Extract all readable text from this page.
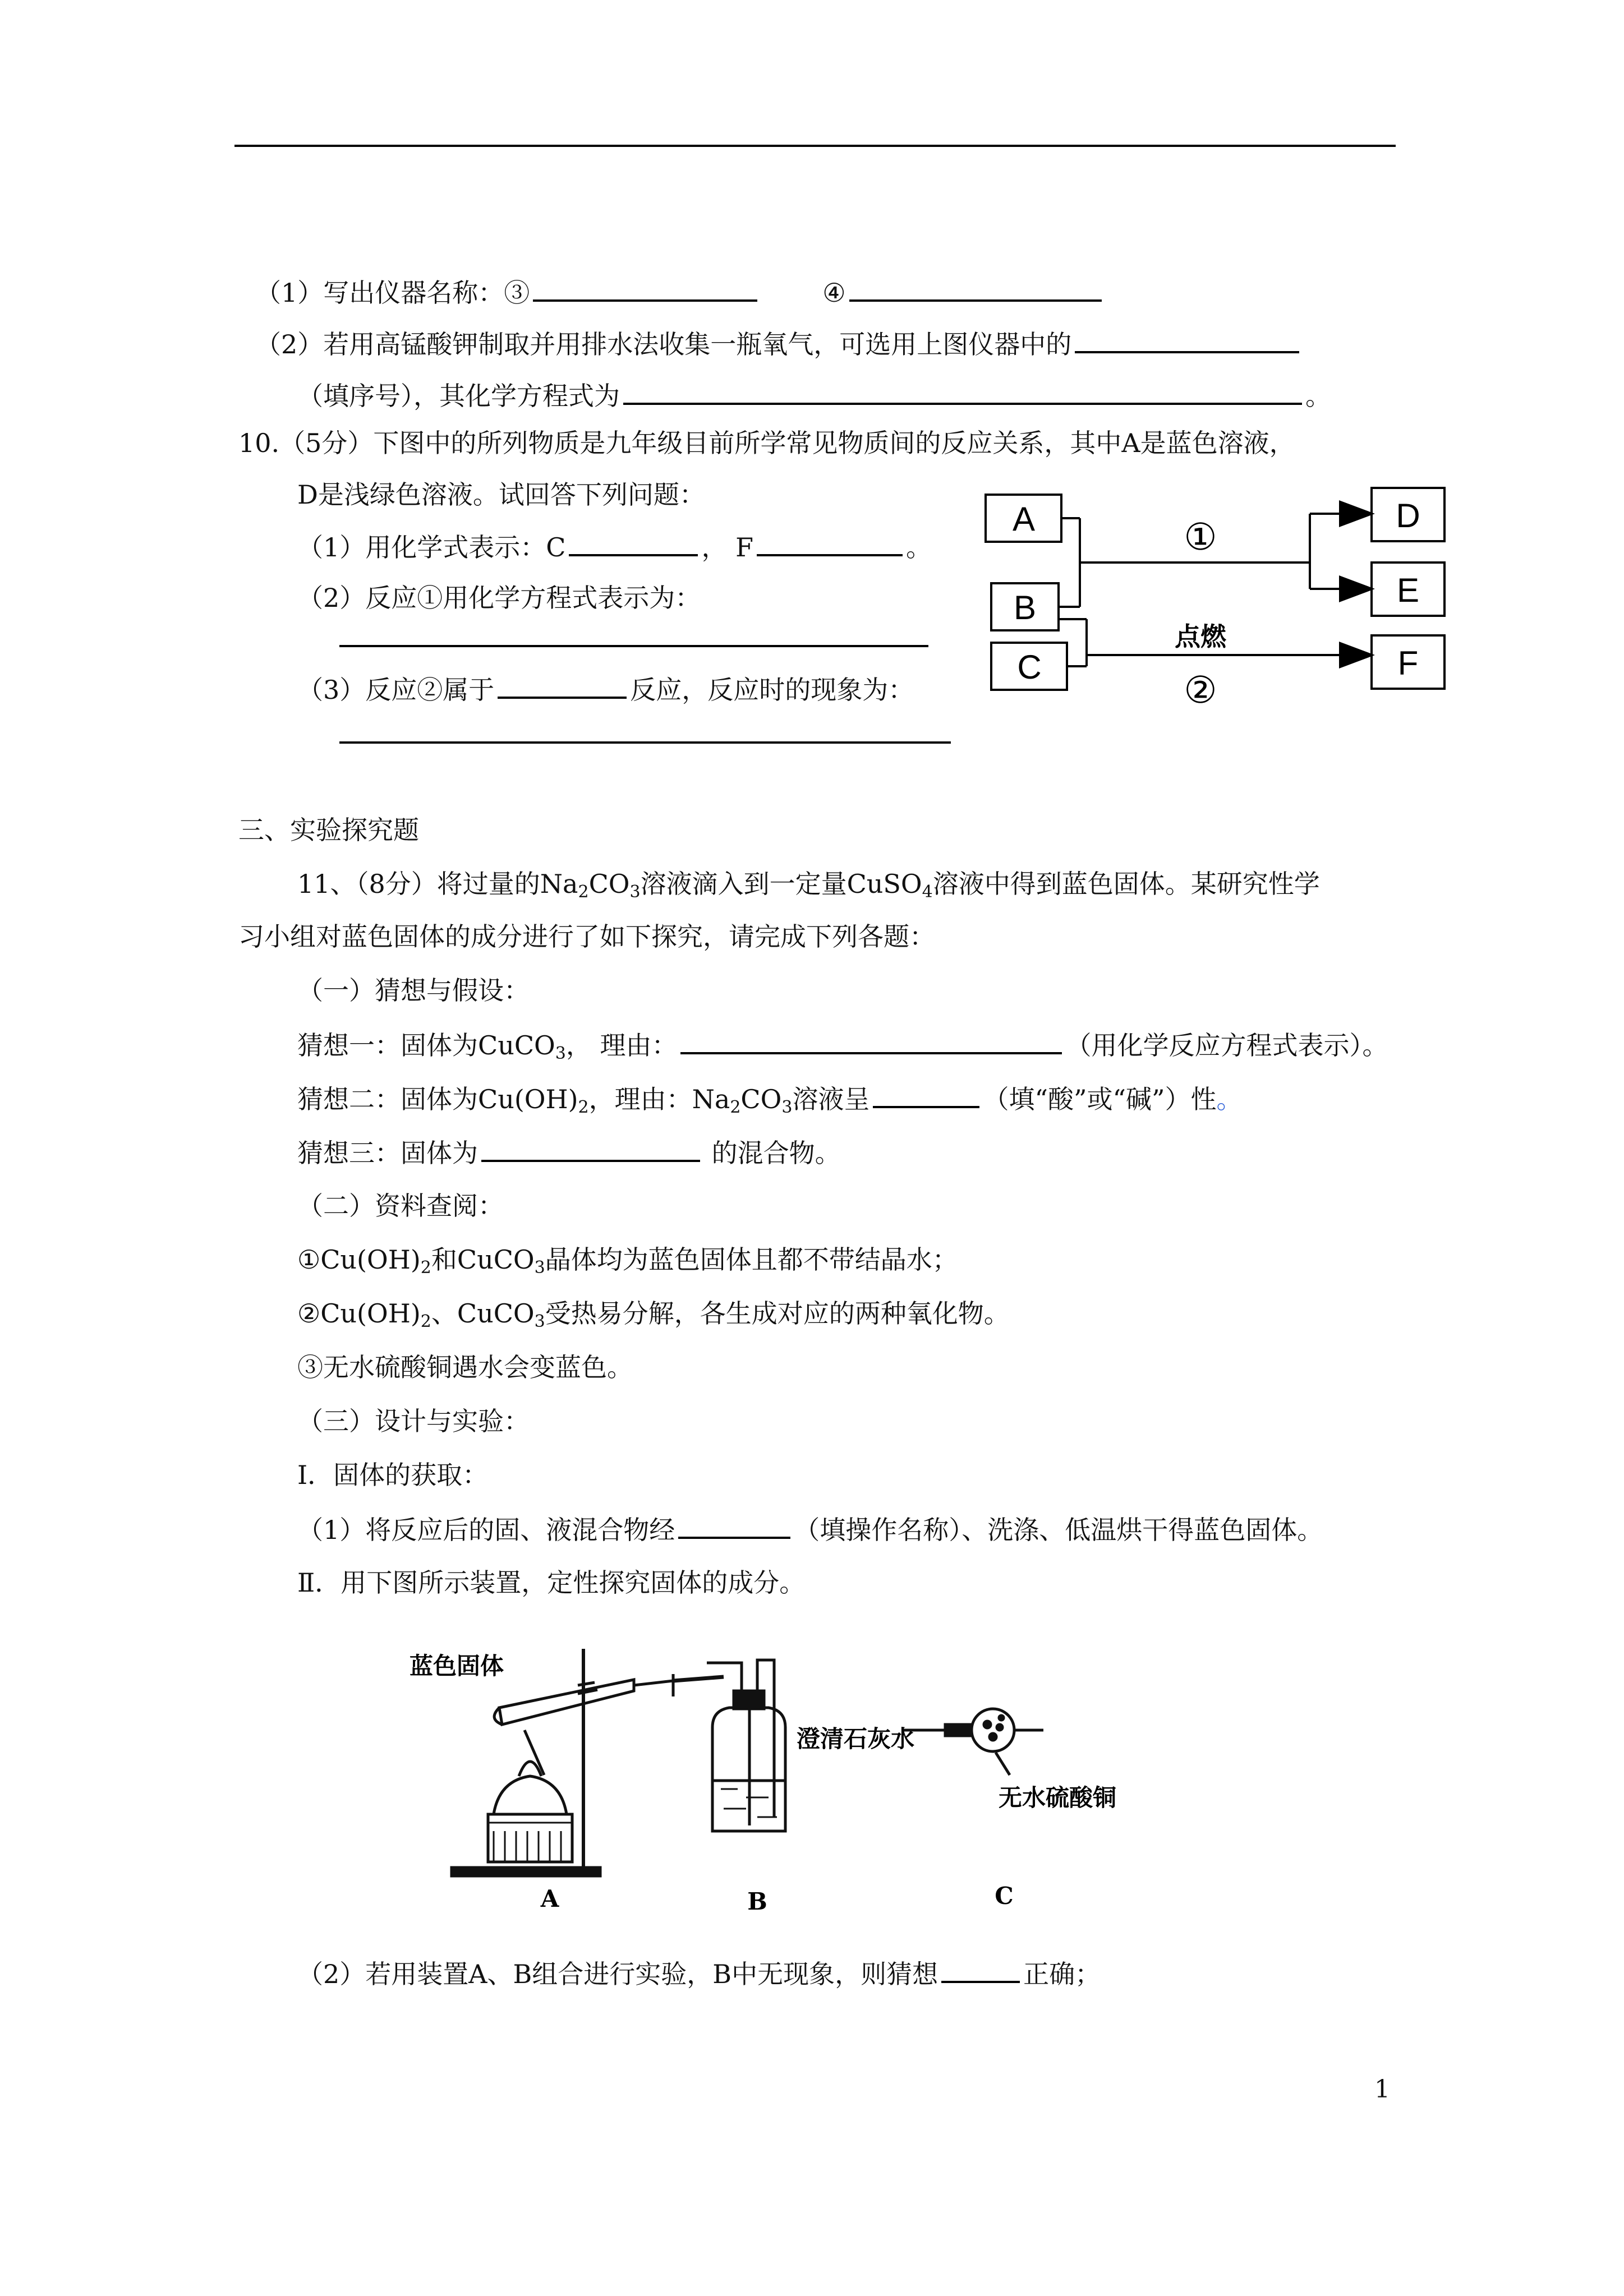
（1）写出仪器名称：③	④
（2）若用高锰酸钾制取并用排水法收集一瓶氧气，可选用上图仪器中的
（填序号），其化学方程式为	。
10.（5分）下图中的所列物质是九年级目前所学常见物质间的反应关系，其中A是蓝色溶液，
D是浅绿色溶液。试回答下列问题：
（1）用化学式表示：C	， F	。
（2）反应①用化学方程式表示为：
（3）反应②属于	反应，反应时的现象为：
A
B
C
D
E
F
①
②
点燃
三、实验探究题
11、（8分）将过量的$Na_2CO_3$溶液滴入到一定量CuSO$_4$溶液中得到蓝色固体。某研究性学
习小组对蓝色固体的成分进行了如下探究，请完成下列各题：
（一）猜想与假设：
猜想一：固体为CuCO$_3$， 理由：	（用化学反应方程式表示）。
猜想二：固体为$Cu(OH)_2$，理由：$Na_2CO_3$溶液呈	（填“酸”或“碱”）性。
猜想三：固体为	的混合物。
（二）资料查阅：
$①Cu(OH)_2$和CuCO$_3$晶体均为蓝色固体且都不带结晶水；
$②Cu(OH)_2$、CuCO$_3$受热易分解，各生成对应的两种氧化物。
③无水硫酸铜遇水会变蓝色。
（三）设计与实验：
Ⅰ．固体的获取：
（1）将反应后的固、液混合物经	（填操作名称）、洗涤、低温烘干得蓝色固体。
Ⅱ．用下图所示装置，定性探究固体的成分。
蓝色固体
澄清石灰水
无水硫酸铜
A	B	C
（2）若用装置A、B组合进行实验，B中无现象，则猜想	正确；
1
